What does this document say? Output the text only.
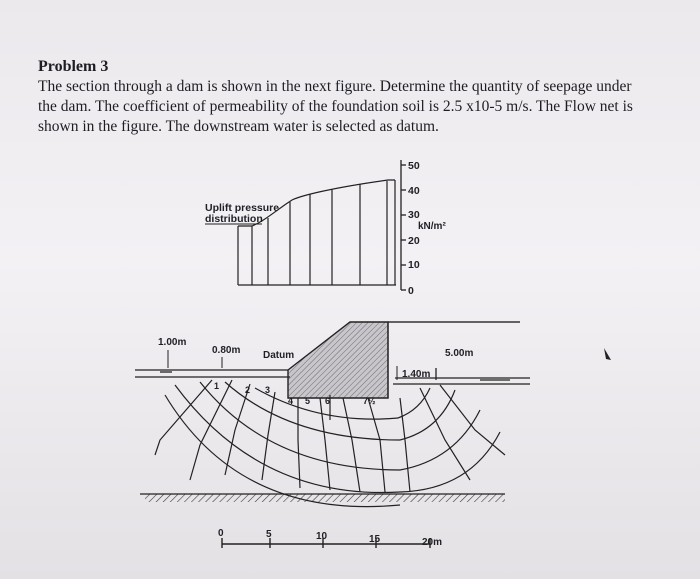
Problem 3
The section through a dam is shown in the next figure. Determine the quantity of seepage under
the dam. The coefficient of permeability of the foundation soil is 2.5 x10-5 m/s. The Flow net is
shown in the figure. The downstream water is selected as datum.
Uplift pressure
distribution
50
40
30
20
10
0
kN/m²
1	2 3
4 5 6	7½
1.00m
0.80m Datum	5.00m
1.40m
0	5	10	15	20m
